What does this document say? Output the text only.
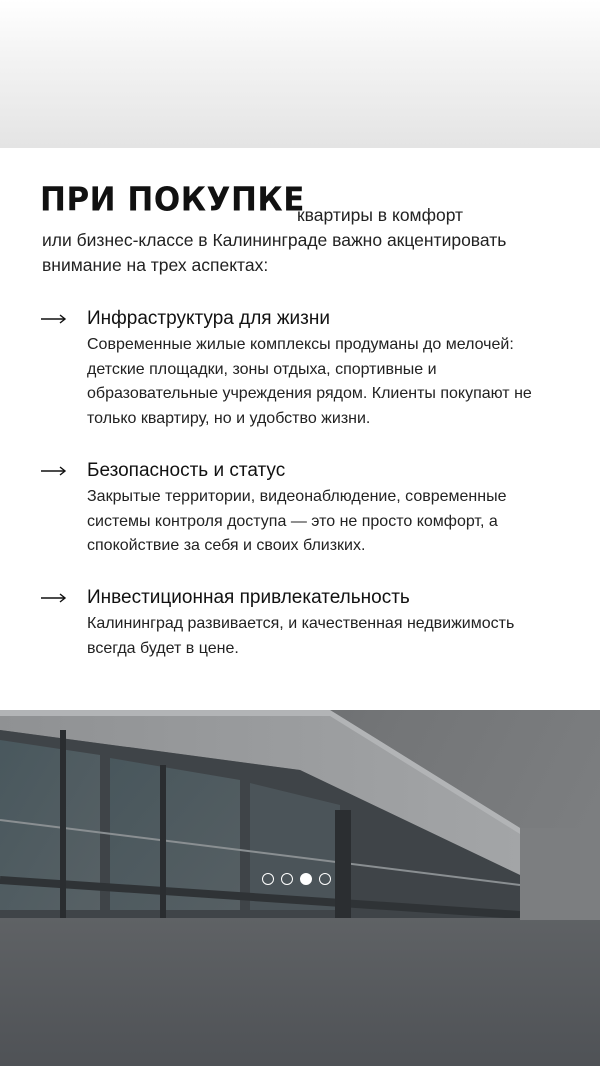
ПРИ ПОКУПКЕ
квартиры в комфорт
или бизнес-классе в Калининграде важно акцентировать внимание на трех аспектах:
Инфраструктура для жизни
Современные жилые комплексы продуманы до мелочей: детские площадки, зоны отдыха, спортивные и образовательные учреждения рядом. Клиенты покупают не только квартиру, но и удобство жизни.
Безопасность и статус
Закрытые территории, видеонаблюдение, современные системы контроля доступа — это не просто комфорт, а спокойствие за себя и своих близких.
Инвестиционная привлекательность
Калининград развивается, и качественная недвижимость всегда будет в цене.
